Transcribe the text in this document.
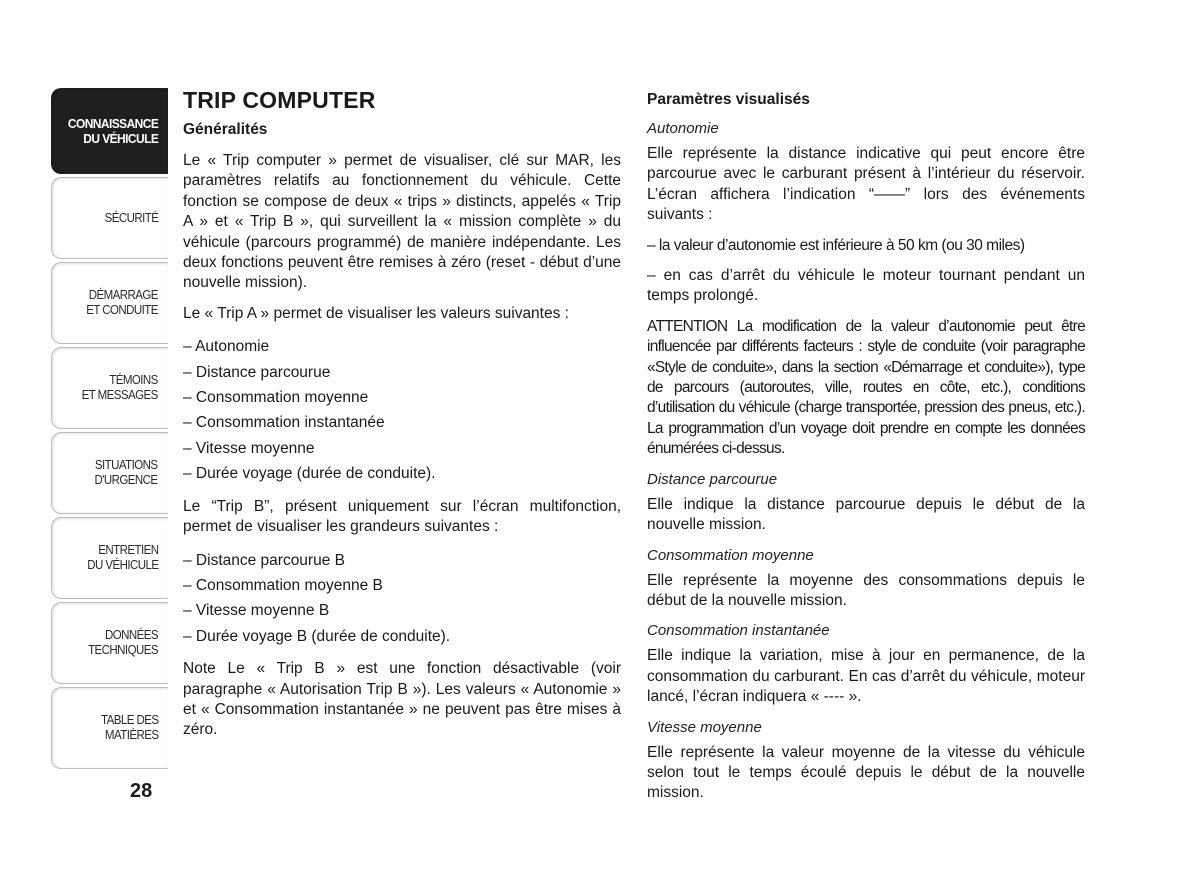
CONNAISSANCE
DU VÉHICULE
SÉCURITÉ
DÉMARRAGE
ET CONDUITE
TÉMOINS
ET MESSAGES
SITUATIONS
D'URGENCE
ENTRETIEN
DU VÉHICULE
DONNÉES
TECHNIQUES
TABLE DES
MATIÈRES
28
TRIP COMPUTER
Généralités

Le « Trip computer » permet de visualiser, clé sur MAR, les paramètres relatifs au fonctionnement du véhicule. Cette fonction se compose de deux « trips » distincts, appelés « Trip A » et « Trip B », qui surveillent la « mission complète » du véhicule (parcours programmé) de manière indépendante. Les deux fonctions peuvent être remises à zéro (reset - début d’une nouvelle mission).

Le « Trip A » permet de visualiser les valeurs suivantes :

– Autonomie
– Distance parcourue
– Consommation moyenne
– Consommation instantanée
– Vitesse moyenne
– Durée voyage (durée de conduite).

Le “Trip B”, présent uniquement sur l’écran multifonction, permet de visualiser les grandeurs suivantes :

– Distance parcourue B
– Consommation moyenne B
– Vitesse moyenne B
– Durée voyage B (durée de conduite).

Note Le « Trip B » est une fonction désactivable (voir paragraphe « Autorisation Trip B »). Les valeurs « Autonomie » et « Consommation instantanée » ne peuvent pas être mises à zéro.

Paramètres visualisés

Autonomie

Elle représente la distance indicative qui peut encore être parcourue avec le carburant présent à l’intérieur du réservoir. L’écran affichera l’indication “——” lors des événements suivants :

– la valeur d’autonomie est inférieure à 50 km (ou 30 miles)

– en cas d’arrêt du véhicule le moteur tournant pendant un temps prolongé.

ATTENTION La modification de la valeur d’autonomie peut être influencée par différents facteurs : style de conduite (voir paragraphe «Style de conduite», dans la section «Démarrage et conduite»), type de parcours (autoroutes, ville, routes en côte, etc.), conditions d’utilisation du véhicule (charge transportée, pression des pneus, etc.). La programmation d’un voyage doit prendre en compte les données énumérées ci-dessus.

Distance parcourue

Elle indique la distance parcourue depuis le début de la nouvelle mission.

Consommation moyenne

Elle représente la moyenne des consommations depuis le début de la nouvelle mission.

Consommation instantanée

Elle indique la variation, mise à jour en permanence, de la consommation du carburant. En cas d’arrêt du véhicule, moteur lancé, l’écran indiquera « ---- ».

Vitesse moyenne

Elle représente la valeur moyenne de la vitesse du véhicule selon tout le temps écoulé depuis le début de la nouvelle mission.
